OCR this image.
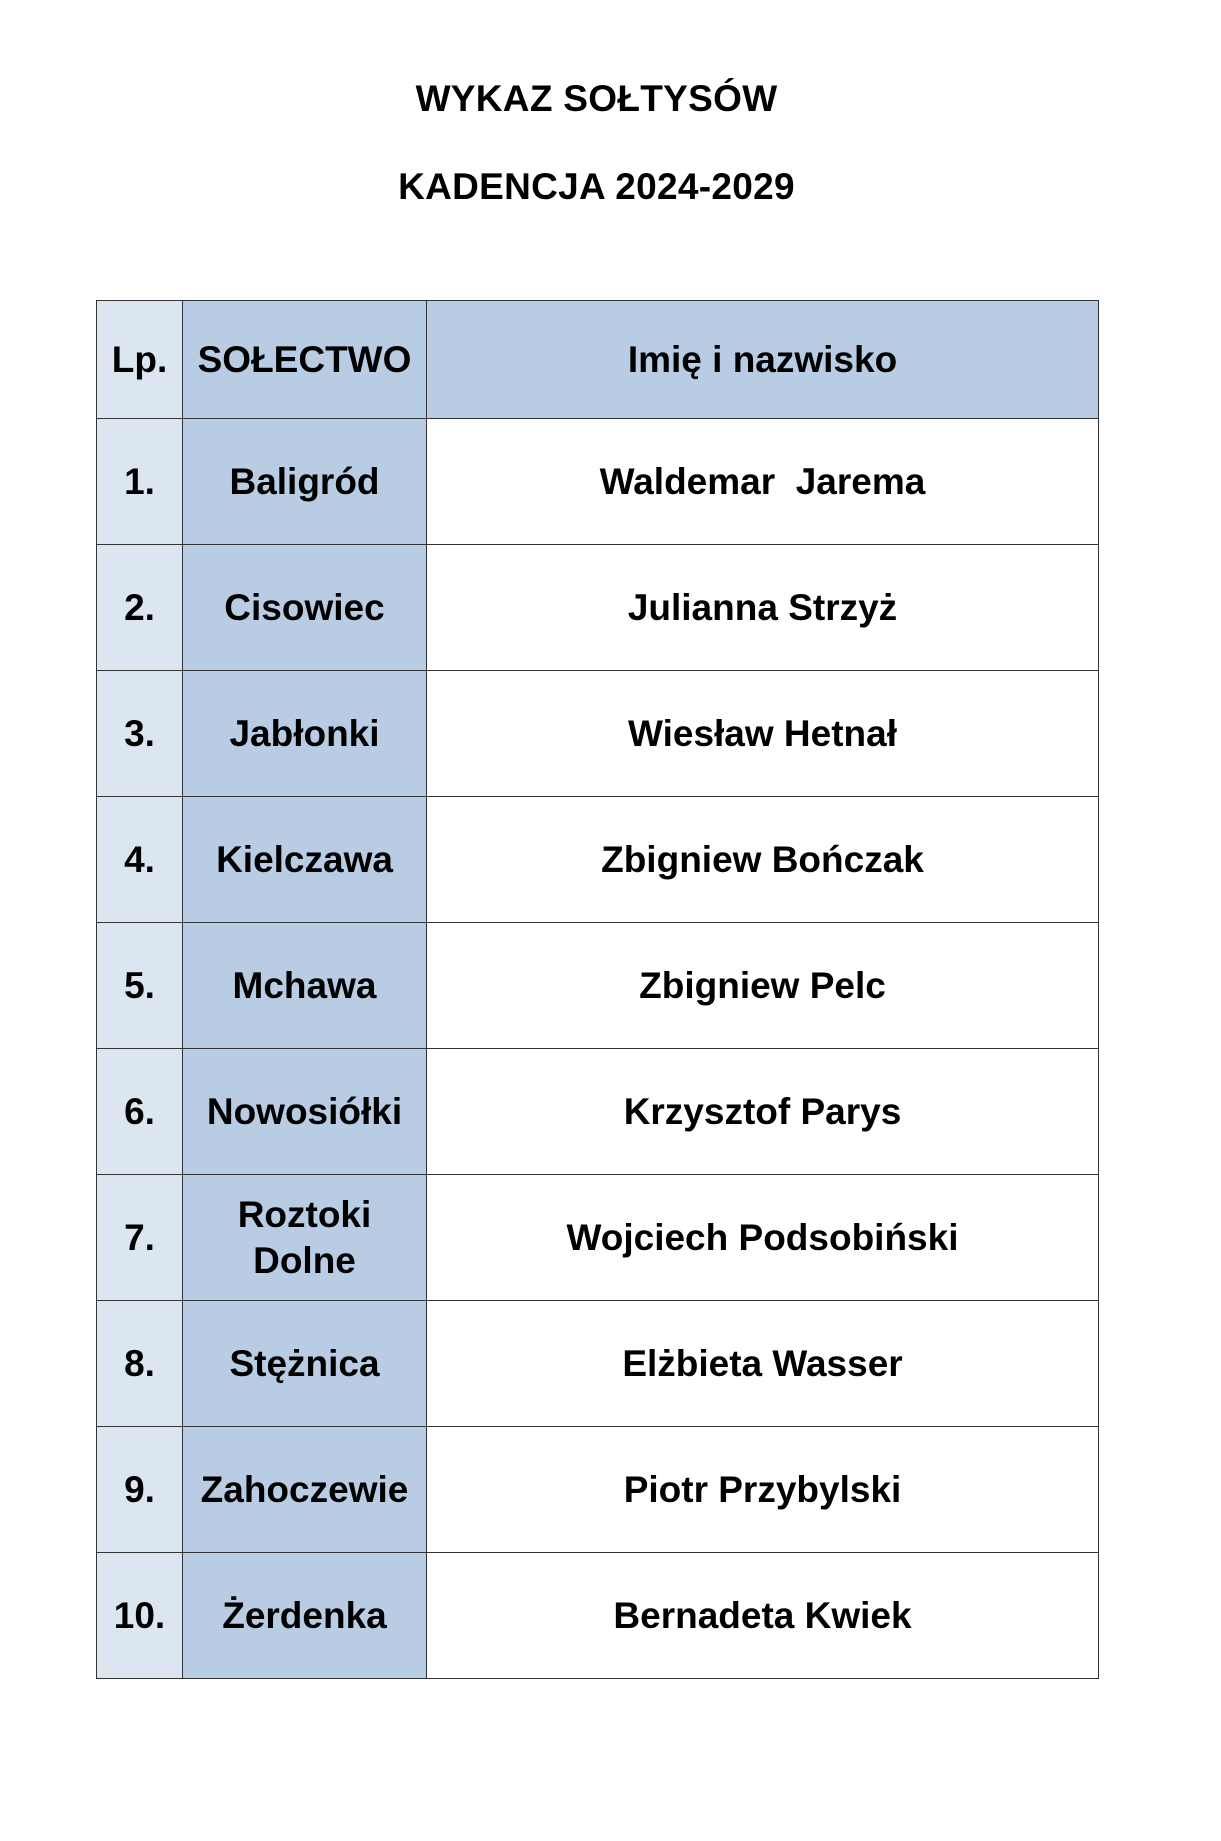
WYKAZ SOŁTYSÓW
KADENCJA 2024-2029
Lp.	SOŁECTWO	Imię i nazwisko
1.	Baligród	Waldemar  Jarema
2.	Cisowiec	Julianna Strzyż
3.	Jabłonki	Wiesław Hetnał
4.	Kielczawa	Zbigniew Bończak
5.	Mchawa	Zbigniew Pelc
6.	Nowosiółki	Krzysztof Parys
7.	Roztoki Dolne	Wojciech Podsobiński
8.	Stężnica	Elżbieta Wasser
9.	Zahoczewie	Piotr Przybylski
10.	Żerdenka	Bernadeta Kwiek
